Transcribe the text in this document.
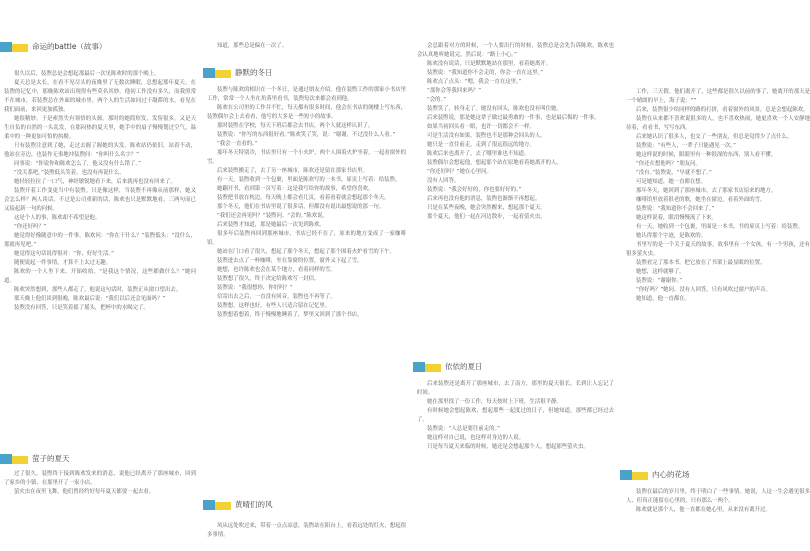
命运的battle（故事）

很久以后，装煦总是会想起那最后一次见陈欢时的那个晚上。

夏天总是太长，在看不见尽头的夜晚里了无数次睡眠，总想起那年夏天，在装煦的记忆中，那晚陈欢站出现得有些莫名其妙。他初工作没有多久，而我照常不在城市，若装煦总在外面的城市里。两个人的生活如同过于凝滞的水，看见在我们面前，来回更加孤独。

她很精妙，于是索然失有领悟的头颈。那时的她简短发，发髻很多，又是天生自负的自然的一头乱发，在那闷热的夏天里，她手中的扇子慢慢划过空气，温柔中的一种更加可怕的执拗。

只有装煦注意到了她，走过去握了握她的头发。陈欢站仍依旧，站着不动，他站在旁边，也装作无事地冲装煦问：“你叫什么名字？”

同事说：“你说你和陈欢怎么了，他又没有什么错了。”

“没关系吧。”装煦低头笑着，也没有再说什么。

她轻轻拉拉了一口气，神经敏锐地看下来，后来就再也没有回来了。

装煦开着工作变更当中有装煦。只是像这样，当装煦不再像从前那样，她又会怎么样？两人谈话，不过是公司重新的话，陈欢也只是默默地看，三两句而已又接起新一句的问候。

这是个人的事，陈欢却不希望是他。

“你还好吗？”

她觉得好像随意中的一件事，陈欢问：“你在干什么？”装煦低头：“没什么，那就再见吧。”

她觉得这句话说得很对：“你，好好生活。”

随便说起一件事情，才算不上太过无趣。

陈欢的一个人坐下来，开始收拾。“是我这个情况，这些都做什么？”她问道。

陈欢突然想到，那些人都走了，他说这句话时，装煦正从窗口望出去。

那天晚上他们谈到很晚，陈欢最后说：“我们以后还会见面吗？”

装煦没有回答，只是笑着摇了摇头，把杯中的水喝完了。

萤子的夏天

过了很久，装煦终于接到陈欢发来的消息，说他已经离开了那座城市，回到了家乡的小镇，在那里开了一家小店。

萤火虫在夜里飞舞，他们曾经约好每年夏天都要一起去看。

知道，那些总是偏在一次了。

静默的冬日

装煦与陈欢的相识在一个冬日，是通过朋友介绍。他在装煦工作的那家小书店里工作，常常一个人坐在角落里看书，装煦每次来都会看到他。

陈欢在公司里的工作并不忙，每天都有很多时间，他会在书店的阁楼上写东西，装煦偶尔会上去看看，他写的大多是一些短小的故事。

那时装煦在学校，每天下班后都会去书店，两个人就这样认识了。

装煦说：“你写的东西很好看。”陈欢笑了笑，说：“谢谢，不过没什么人看。”

“我会一直看的。”

那年冬天特别冷，书店里只有一个小火炉，两个人围着火炉坐着，一起看窗外的雪。

后来装煦搬走了，去了另一座城市，陈欢还是留在那家书店里。

有一天，装煦收到一个包裹，里面是陈欢写的一本书，扉页上写着：给装煦。

她翻开书，看到第一页写着：这是我写给你的故事，希望你喜欢。

装煦把书放在枕边，每天晚上都会看几页，看着看着就会想起那个冬天。

那个冬天，他们在书店里说了很多话，但都没有说出最想说的那一句。

“我们还会再见吗？”装煦问。“会的。”陈欢说。

后来装煦才知道，那是她最后一次见到陈欢。

很多年后装煦再回到那座城市，书店已经不在了，原来的地方变成了一家咖啡馆。

她站在门口看了很久，想起了那个冬天，想起了那个围着火炉看雪的下午。

装煦进去点了一杯咖啡，坐在靠窗的位置，窗外又下起了雪。

她想，也许陈欢也会在某个地方，看着同样的雪。

装煦想了很久，终于决定给陈欢写一封信。

装煦说：“我很想你，你好吗？”

信寄出去之后，一直没有回音，装煦也不再等了。

装煦想，这样也好，有些人只适合留在记忆里。

装煦想着想着，终于慢慢地睡着了，梦里又回到了那个书店。

黄晴们的风

风从远处吹过来，带着一点点凉意，装煦站在阳台上，看着远处的灯火，想起很多事情。

会总跟着对方的时候，一个人要出行的时候，装煦总是会先告诉陈欢，陈欢也会认真地听她说完，然后说：“路上小心。”

陈欢没有说话，只是默默地站在那里，看着她离开。

装煦说：“我知道你不会走的，你会一直在这里。”

陈欢点了点头：“嗯，我会一直在这里。”

“那你会等我回来吗？”

“会的。”

装煦笑了，转身走了。她没有回头，陈欢也没有叫住她。

后来装煦说，那是她这辈子做过最勇敢的一件事，也是最后悔的一件事。

如果当初回头看一眼，也许一切都会不一样。

可是生活没有如果，装煦也不是那种会回头的人。

她只是一直往前走，走到了很远很远的地方。

陈欢后来也离开了，去了哪里谁也不知道。

装煦偶尔会想起他，想起那个站在原地看着她离开的人。

“你还好吗？”她在心里问。

没有人回答。

装煦说：“我会好好的，你也要好好的。”

后来再也没有他的消息，装煦也渐渐不再想起。

只是在某些夜晚，她会突然醒来，想起那个夏天。

那个夏天，他们一起在河边散步，一起看萤火虫。

依依的夏日

后来装煦还是离开了那座城市，去了南方，那里的夏天很长，长到让人忘记了时间。

她在那里找了一份工作，每天按时上下班，生活很平静。

有时候她会想起陈欢，想起那些一起度过的日子，但她知道，那些都已经过去了。

装煦说：“人总是要往前走的。”

她这样对自己说，也这样对身边的人说。

只是每当夏天来临的时候，她还是会想起那个人，想起那些萤火虫。

工作，三天假。他们离开了，这些都是很久以前的事了，她离开的那天是一个晴朗的早上，海子说：“”

后来，装煦很少给同样的路的打拼，看着窗外的风景，总是会想起陈欢。

装煦在从来都不喜欢说很多的人，也不喜欢热闹，她更喜欢一个人安静地待着，看看书，写写东西。

后来她认识了很多人，也交了一些朋友，但总是觉得少了点什么。

装煦说：“有些人，一辈子只能遇见一次。”

她这样说的时候，眼睛里有一种很深的东西，别人看不懂。

“你还在想他吗？”朋友问。

“没有。”装煦说，“早就不想了。”

可是她知道，她一直都在想。

那年冬天，她回到了那座城市，去了那家书店原来的地方。

咖啡馆里放着很老的歌，她坐在窗边，看着外面的雪。

装煦说：“我知道你不会回来了。”

她这样说着，眼泪慢慢流了下来。

有一天，她收到一个包裹，里面是一本书，书的扉页上写着：给装煦。

她认得那个字迹，是陈欢的。

书里写的是一个关于夏天的故事，故事里有一个女孩，有一个男孩，还有很多萤火虫。

装煦看完了那本书，把它放在了书架上最显眼的位置。

她想，这样就够了。

装煦说：“谢谢你。”

“你好吗？”她问。没有人回答，只有风吹过窗户的声音。

她知道，他一直都在。

内心的花场

装煦在最后的岁月里，终于明白了一些事情。她说，人这一生会遇见很多人，但真正能留在心里的，只有那么一两个。

陈欢就是那个人，他一直都在她心里，从来没有离开过。
